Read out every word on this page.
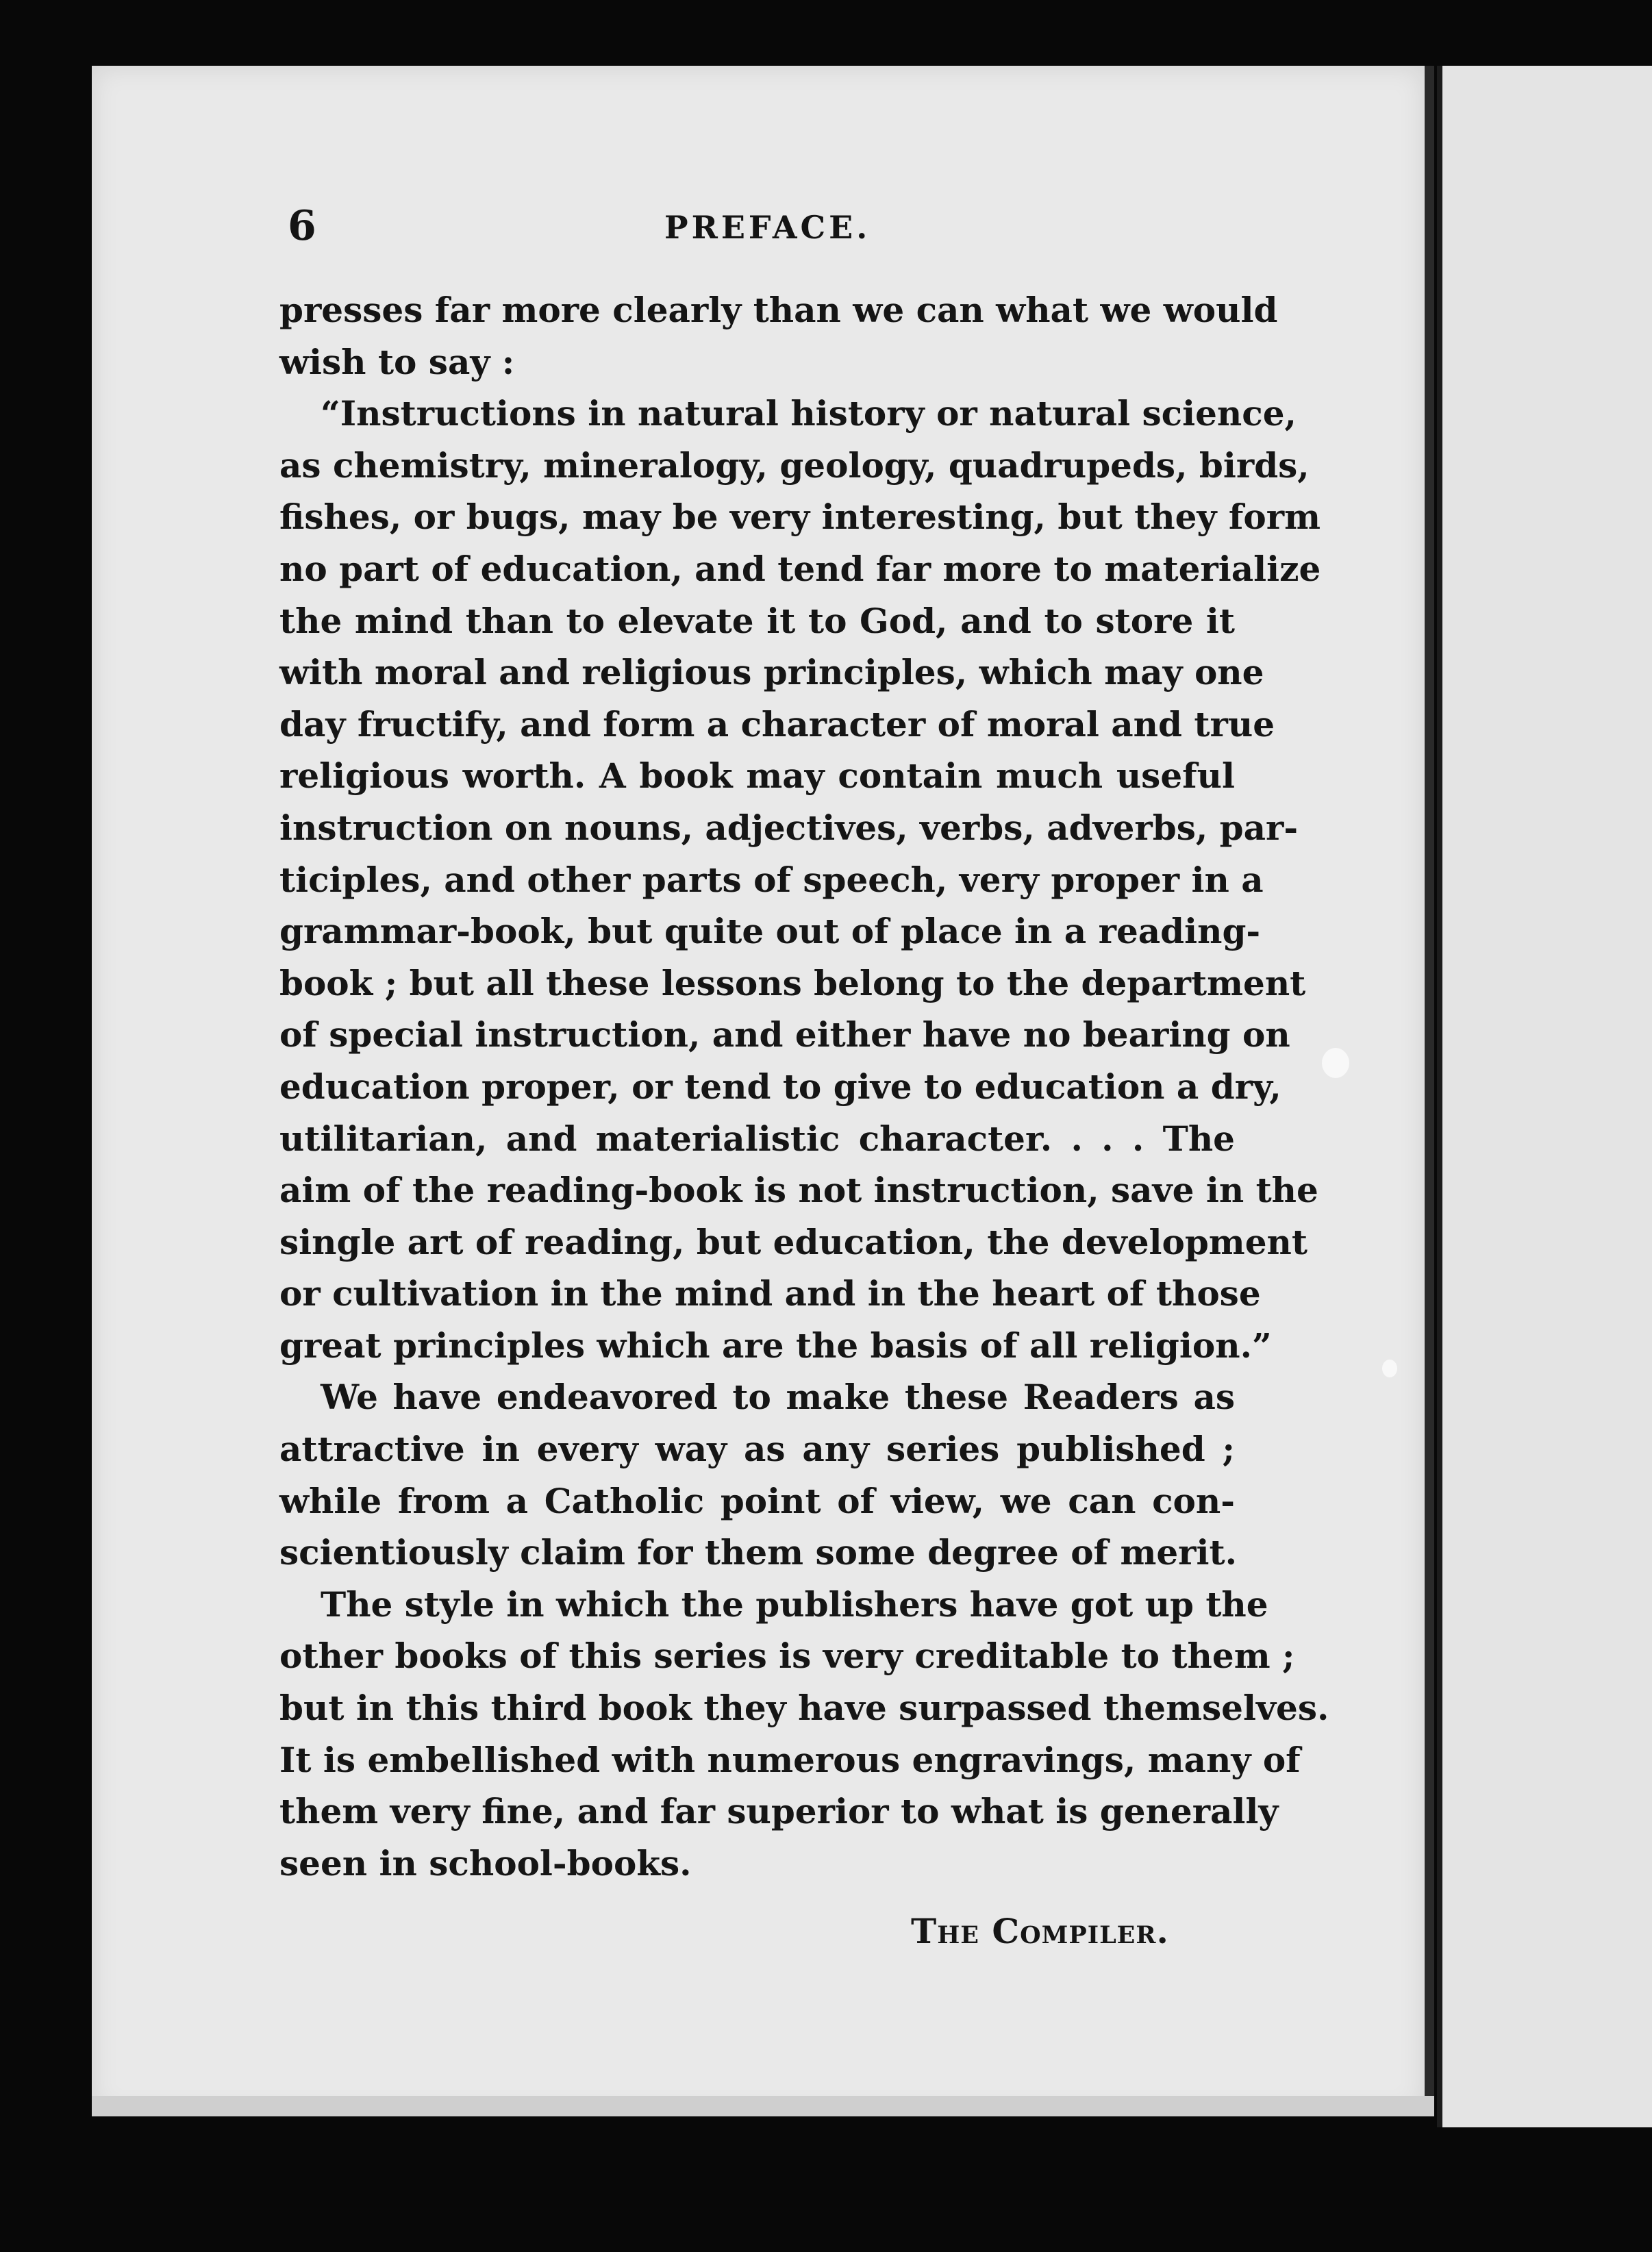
6	PREFACE.
presses far more clearly than we can what we would
wish to say :
“Instructions in natural history or natural science,
as chemistry, mineralogy, geology, quadrupeds, birds,
fishes, or bugs, may be very interesting, but they form
no part of education, and tend far more to materialize
the mind than to elevate it to God, and to store it
with moral and religious principles, which may one
day fructify, and form a character of moral and true
religious worth. A book may contain much useful
instruction on nouns, adjectives, verbs, adverbs, par-
ticiples, and other parts of speech, very proper in a
grammar-book, but quite out of place in a reading-
book ; but all these lessons belong to the department
of special instruction, and either have no bearing on
education proper, or tend to give to education a dry,
utilitarian, and materialistic character. . . . The
aim of the reading-book is not instruction, save in the
single art of reading, but education, the development
or cultivation in the mind and in the heart of those
great principles which are the basis of all religion.”
We have endeavored to make these Readers as
attractive in every way as any series published ;
while from a Catholic point of view, we can con-
scientiously claim for them some degree of merit.
The style in which the publishers have got up the
other books of this series is very creditable to them ;
but in this third book they have surpassed themselves.
It is embellished with numerous engravings, many of
them very fine, and far superior to what is generally
seen in school-books.
The Compiler.
